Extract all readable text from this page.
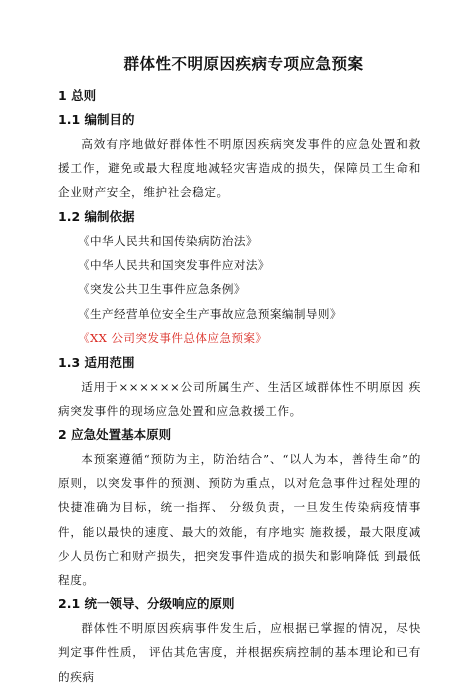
群体性不明原因疾病专项应急预案
1 总则
1.1 编制目的

高效有序地做好群体性不明原因疾病突发事件的应急处置和救援工作，避免或最大程度地减轻灾害造成的损失，保障员工生命和企业财产安全，维护社会稳定。

1.2 编制依据
《中华人民共和国传染病防治法》
《中华人民共和国突发事件应对法》
《突发公共卫生事件应急条例》
《生产经营单位安全生产事故应急预案编制导则》
《XX 公司突发事件总体应急预案》
1.3 适用范围

适用于××××××公司所属生产、生活区域群体性不明原因 疾病突发事件的现场应急处置和应急救援工作。

2 应急处置基本原则

本预案遵循“预防为主，防治结合”、“以人为本，善待生命”的原则，以突发事件的预测、预防为重点，以对危急事件过程处理的快捷准确为目标，统一指挥、 分级负责，一旦发生传染病疫情事件，能以最快的速度、最大的效能，有序地实 施救援，最大限度减少人员伤亡和财产损失，把突发事件造成的损失和影响降低 到最低程度。

2.1 统一领导、分级响应的原则

群体性不明原因疾病事件发生后，应根据已掌握的情况，尽快判定事件性质， 评估其危害度，并根据疾病控制的基本理论和已有的疾病
